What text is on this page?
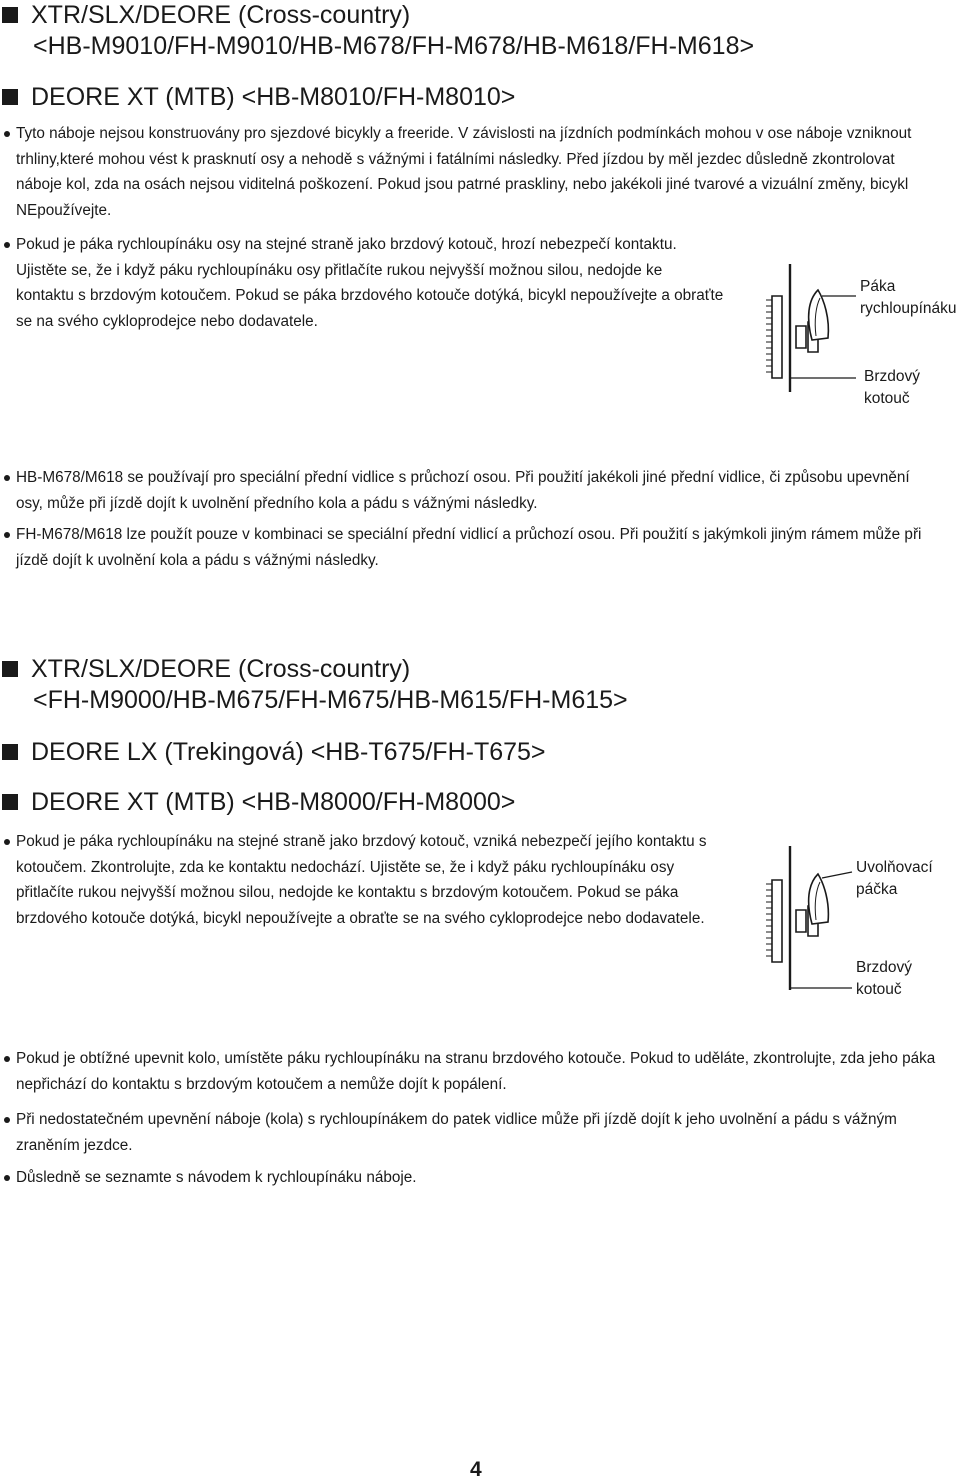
XTR/SLX/DEORE (Cross-country)
<HB-M9010/FH-M9010/HB-M678/FH-M678/HB-M618/FH-M618>
DEORE XT (MTB) <HB-M8010/FH-M8010>
Tyto náboje nejsou konstruovány pro sjezdové bicykly a freeride. V závislosti na jízdních podmínkách mohou v ose náboje vzniknout trhliny,které mohou vést k prasknutí osy a nehodě s vážnými i fatálními následky. Před jízdou by měl jezdec důsledně zkontrolovat náboje kol, zda na osách nejsou viditelná poškození. Pokud jsou patrné praskliny, nebo jakékoli jiné tvarové a vizuální změny, bicykl NEpoužívejte.
Pokud je páka rychloupínáku osy na stejné straně jako brzdový kotouč, hrozí nebezpečí kontaktu. Ujistěte se, že i když páku rychloupínáku osy přitlačíte rukou nejvyšší možnou silou, nedojde ke kontaktu s brzdovým kotoučem. Pokud se páka brzdového kotouče dotýká, bicykl nepoužívejte a obraťte se na svého cykloprodejce nebo dodavatele.
HB-M678/M618 se používají pro speciální přední vidlice s průchozí osou. Při použití jakékoli jiné přední vidlice, či způsobu upevnění osy, může při jízdě dojít k uvolnění předního kola a pádu s vážnými následky.
FH-M678/M618 lze použít pouze v kombinaci se speciální přední vidlicí a průchozí osou. Při použití s jakýmkoli jiným rámem může při jízdě dojít k uvolnění kola a pádu s vážnými následky.
Páka
rychloupínáku
Brzdový
kotouč
XTR/SLX/DEORE (Cross-country)
<FH-M9000/HB-M675/FH-M675/HB-M615/FH-M615>
DEORE LX (Trekingová) <HB-T675/FH-T675>
DEORE XT (MTB) <HB-M8000/FH-M8000>
Pokud je páka rychloupínáku na stejné straně jako brzdový kotouč, vzniká nebezpečí jejího kontaktu s kotoučem. Zkontrolujte, zda ke kontaktu nedochází. Ujistěte se, že i když páku rychloupínáku osy přitlačíte rukou nejvyšší možnou silou, nedojde ke kontaktu s brzdovým kotoučem. Pokud se páka brzdového kotouče dotýká, bicykl nepoužívejte a obraťte se na svého cykloprodejce nebo dodavatele.
Pokud je obtížné upevnit kolo, umístěte páku rychloupínáku na stranu brzdového kotouče. Pokud to uděláte, zkontrolujte, zda jeho páka nepřichází do kontaktu s brzdovým kotoučem a nemůže dojít k popálení.
Při nedostatečném upevnění náboje (kola) s rychloupínákem do patek vidlice může při jízdě dojít k jeho uvolnění a pádu s vážným zraněním jezdce.
Důsledně se seznamte s návodem k rychloupínáku náboje.
Uvolňovací
páčka
Brzdový
kotouč
4
